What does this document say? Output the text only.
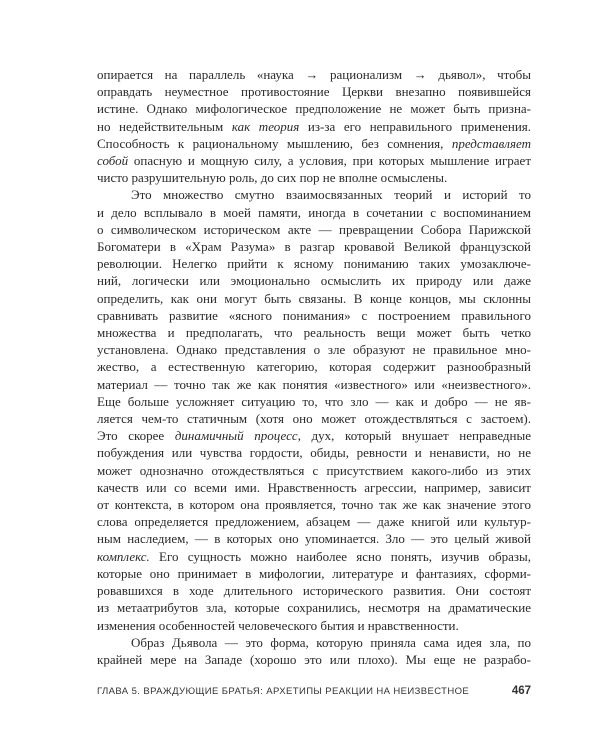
опирается на параллель «наука → рационализм → дьявол», чтобы
оправдать неуместное противостояние Церкви внезапно появившейся
истине. Однако мифологическое предположение не может быть призна-
но недействительным как теория из-за его неправильного применения.
Способность к рациональному мышлению, без сомнения, представляет
собой опасную и мощную силу, а условия, при которых мышление играет
чисто разрушительную роль, до сих пор не вполне осмыслены.
Это множество смутно взаимосвязанных теорий и историй то
и дело всплывало в моей памяти, иногда в сочетании с воспоминанием
о символическом историческом акте — превращении Собора Парижской
Богоматери в «Храм Разума» в разгар кровавой Великой французской
революции. Нелегко прийти к ясному пониманию таких умозаключе-
ний, логически или эмоционально осмыслить их природу или даже
определить, как они могут быть связаны. В конце концов, мы склонны
сравнивать развитие «ясного понимания» с построением правильного
множества и предполагать, что реальность вещи может быть четко
установлена. Однако представления о зле образуют не правильное мно-
жество, а естественную категорию, которая содержит разнообразный
материал — точно так же как понятия «известного» или «неизвестного».
Еще больше усложняет ситуацию то, что зло — как и добро — не яв-
ляется чем-то статичным (хотя оно может отождествляться с застоем).
Это скорее динамичный процесс, дух, который внушает неправедные
побуждения или чувства гордости, обиды, ревности и ненависти, но не
может однозначно отождествляться с присутствием какого-либо из этих
качеств или со всеми ими. Нравственность агрессии, например, зависит
от контекста, в котором она проявляется, точно так же как значение этого
слова определяется предложением, абзацем — даже книгой или культур-
ным наследием, — в которых оно упоминается. Зло — это целый живой
комплекс. Его сущность можно наиболее ясно понять, изучив образы,
которые оно принимает в мифологии, литературе и фантазиях, сформи-
ровавшихся в ходе длительного исторического развития. Они состоят
из метаатрибутов зла, которые сохранились, несмотря на драматические
изменения особенностей человеческого бытия и нравственности.
Образ Дьявола — это форма, которую приняла сама идея зла, по
крайней мере на Западе (хорошо это или плохо). Мы еще не разрабо-
ГЛАВА 5. ВРАЖДУЮЩИЕ БРАТЬЯ: АРХЕТИПЫ РЕАКЦИИ НА НЕИЗВЕСТНОЕ	467
